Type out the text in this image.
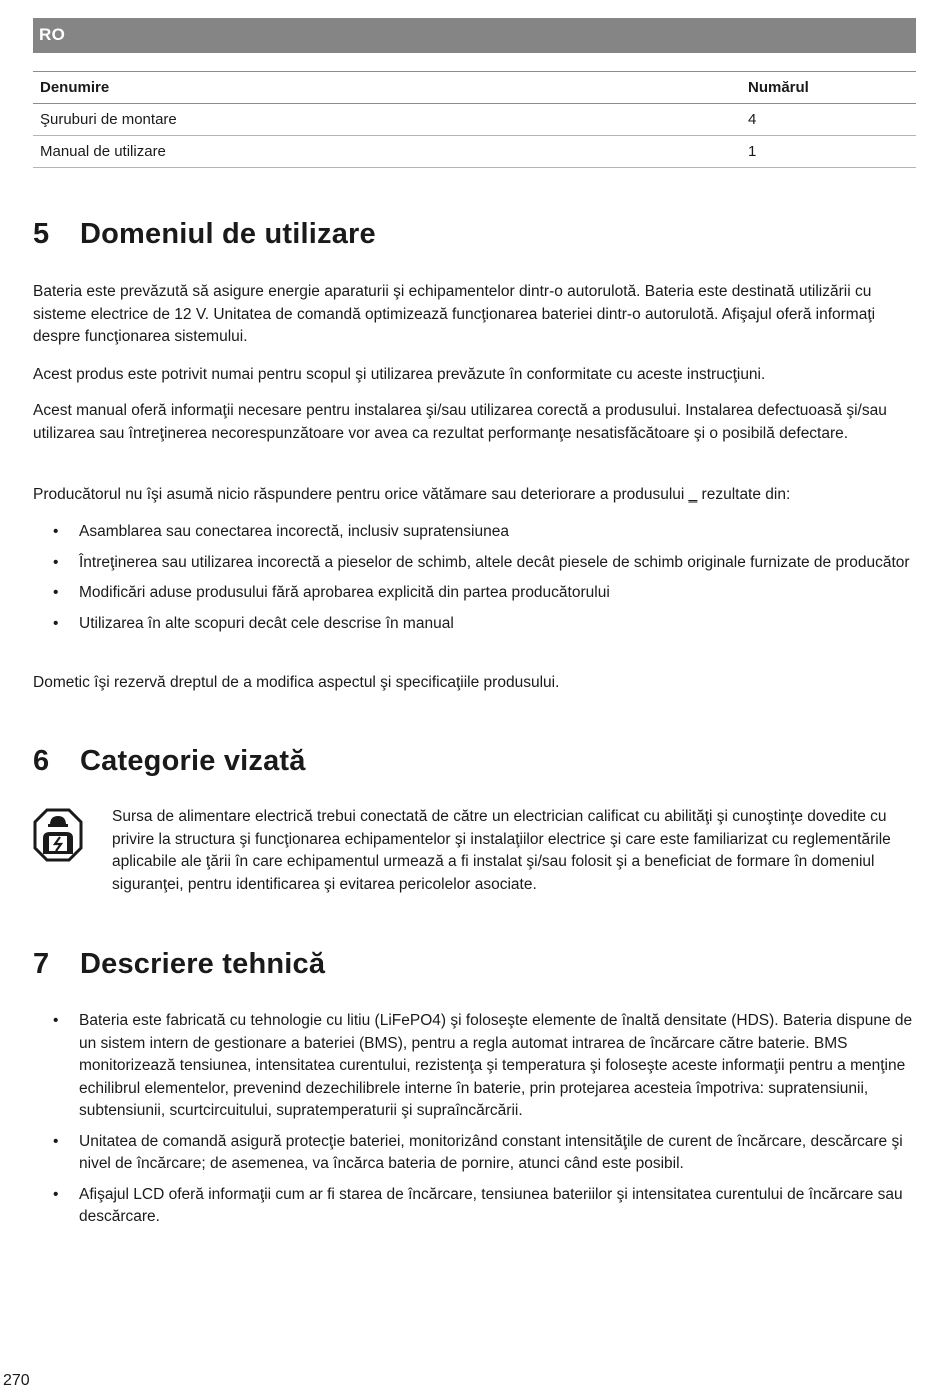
RO
Denumire	Numărul
Şuruburi de montare	4
Manual de utilizare	1
5 Domeniul de utilizare

Bateria este prevăzută să asigure energie aparaturii şi echipamentelor dintr-o autorulotă. Bateria este destinată utilizării cu sisteme electrice de 12 V. Unitatea de comandă optimizează funcţionarea bateriei dintr-o autorulotă. Afişajul oferă informaţi despre funcţionarea sistemului.

Acest produs este potrivit numai pentru scopul şi utilizarea prevăzute în conformitate cu aceste instrucţiuni.

Acest manual oferă informaţii necesare pentru instalarea şi/sau utilizarea corectă a produsului. Instalarea defectuoasă şi/sau utilizarea sau întreţinerea necorespunzătoare vor avea ca rezultat performanţe nesatisfăcătoare şi o posibilă defectare.

Producătorul nu îşi asumă nicio răspundere pentru orice vătămare sau deteriorare a produsului ‗ rezultate din:

• Asamblarea sau conectarea incorectă, inclusiv supratensiunea
• Întreţinerea sau utilizarea incorectă a pieselor de schimb, altele decât piesele de schimb originale furnizate de producător
• Modificări aduse produsului fără aprobarea explicită din partea producătorului
• Utilizarea în alte scopuri decât cele descrise în manual

Dometic îşi rezervă dreptul de a modifica aspectul şi specificaţiile produsului.

6 Categorie vizată

Sursa de alimentare electrică trebui conectată de către un electrician calificat cu abilităţi şi cunoştinţe dovedite cu privire la structura şi funcţionarea echipamentelor şi instalaţiilor electrice şi care este familiarizat cu reglementările aplicabile ale ţării în care echipamentul urmează a fi instalat şi/sau folosit şi a beneficiat de formare în domeniul siguranţei, pentru identificarea şi evitarea pericolelor asociate.

7 Descriere tehnică
• Bateria este fabricată cu tehnologie cu litiu (LiFePO4) şi foloseşte elemente de înaltă densitate (HDS). Bateria dispune de un sistem intern de gestionare a bateriei (BMS), pentru a regla automat intrarea de încărcare către baterie. BMS monitorizează tensiunea, intensitatea curentului, rezistenţa şi temperatura şi foloseşte aceste informaţii pentru a menţine echilibrul elementelor, prevenind dezechilibrele interne în baterie, prin protejarea acesteia împotriva: supratensiunii, subtensiunii, scurtcircuitului, supratemperaturii şi supraîncărcării.
• Unitatea de comandă asigură protecţie bateriei, monitorizând constant intensităţile de curent de încărcare, descărcare şi nivel de încărcare; de asemenea, va încărca bateria de pornire, atunci când este posibil.
• Afişajul LCD oferă informaţii cum ar fi starea de încărcare, tensiunea bateriilor şi intensitatea curentului de încărcare sau descărcare.
270
